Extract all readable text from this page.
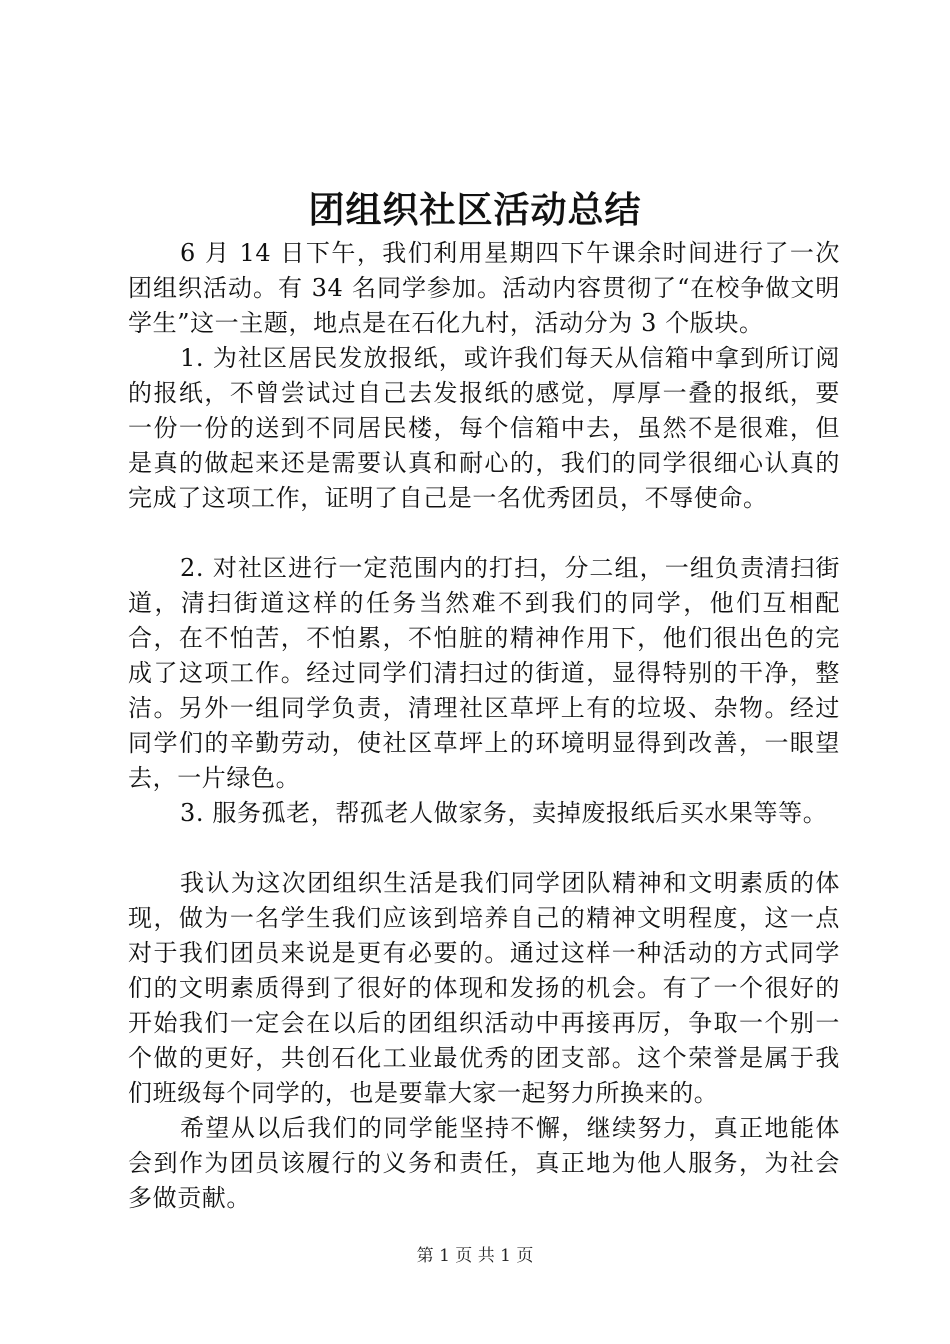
团组织社区活动总结

6 月 14 日下午，我们利用星期四下午课余时间进行了一次团组织活动。有 34 名同学参加。活动内容贯彻了“在校争做文明学生”这一主题，地点是在石化九村，活动分为 3 个版块。

1. 为社区居民发放报纸，或许我们每天从信箱中拿到所订阅的报纸，不曾尝试过自己去发报纸的感觉，厚厚一叠的报纸，要一份一份的送到不同居民楼，每个信箱中去，虽然不是很难，但是真的做起来还是需要认真和耐心的，我们的同学很细心认真的完成了这项工作，证明了自己是一名优秀团员，不辱使命。

2. 对社区进行一定范围内的打扫，分二组，一组负责清扫街道，清扫街道这样的任务当然难不到我们的同学，他们互相配合，在不怕苦，不怕累，不怕脏的精神作用下，他们很出色的完成了这项工作。经过同学们清扫过的街道，显得特别的干净，整洁。另外一组同学负责，清理社区草坪上有的垃圾、杂物。经过同学们的辛勤劳动，使社区草坪上的环境明显得到改善，一眼望去，一片绿色。

3. 服务孤老，帮孤老人做家务，卖掉废报纸后买水果等等。

我认为这次团组织生活是我们同学团队精神和文明素质的体现，做为一名学生我们应该到培养自己的精神文明程度，这一点对于我们团员来说是更有必要的。通过这样一种活动的方式同学们的文明素质得到了很好的体现和发扬的机会。有了一个很好的开始我们一定会在以后的团组织活动中再接再厉，争取一个别一个做的更好，共创石化工业最优秀的团支部。这个荣誉是属于我们班级每个同学的，也是要靠大家一起努力所换来的。

希望从以后我们的同学能坚持不懈，继续努力，真正地能体会到作为团员该履行的义务和责任，真正地为他人服务，为社会多做贡献。

第 1 页 共 1 页
